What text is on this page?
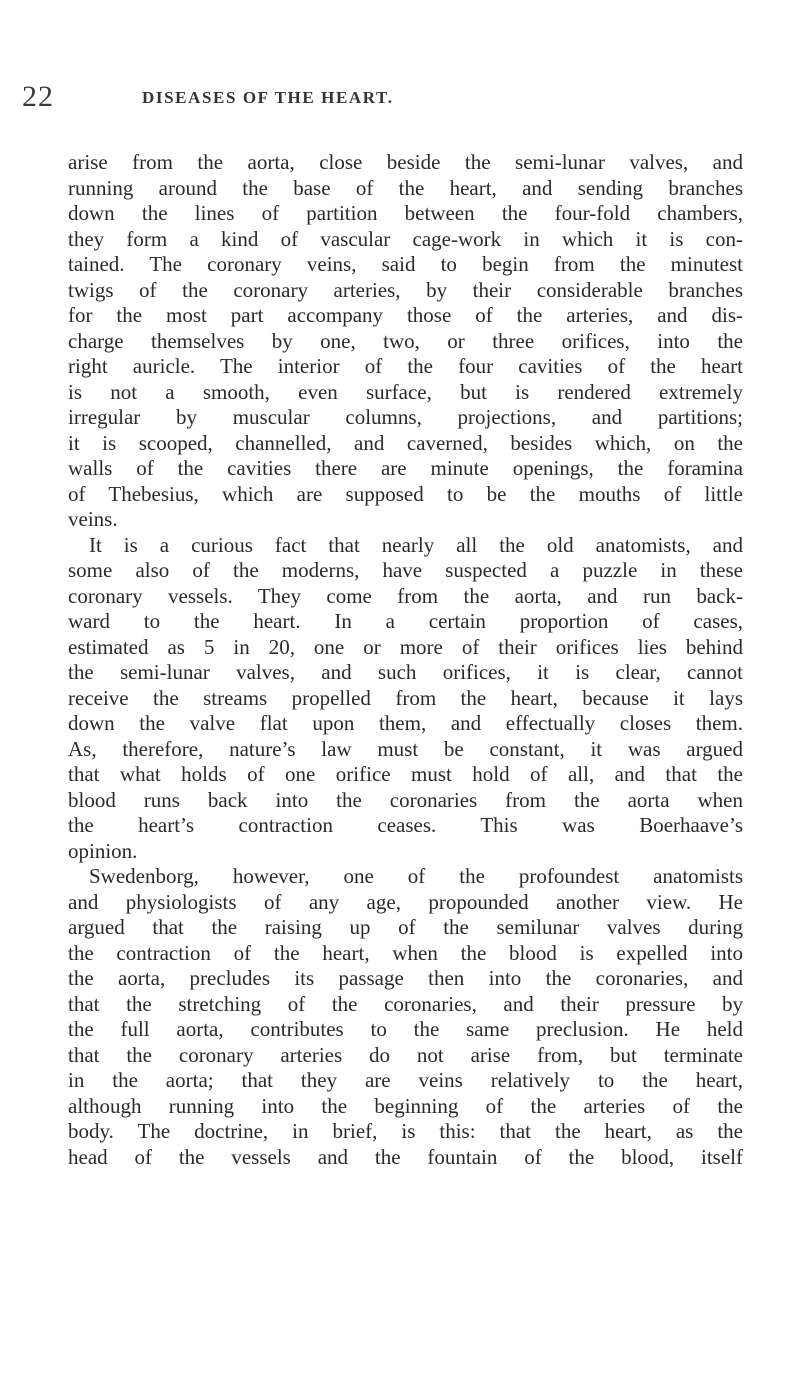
22	DISEASES OF THE HEART.
arise from the aorta, close beside the semi-lunar valves, and
running around the base of the heart, and sending branches
down the lines of partition between the four-fold chambers,
they form a kind of vascular cage-work in which it is con-
tained. The coronary veins, said to begin from the minutest
twigs of the coronary arteries, by their considerable branches
for the most part accompany those of the arteries, and dis-
charge themselves by one, two, or three orifices, into the
right auricle. The interior of the four cavities of the heart
is not a smooth, even surface, but is rendered extremely
irregular by muscular columns, projections, and partitions;
it is scooped, channelled, and caverned, besides which, on the
walls of the cavities there are minute openings, the foramina
of Thebesius, which are supposed to be the mouths of little
veins.
It is a curious fact that nearly all the old anatomists, and
some also of the moderns, have suspected a puzzle in these
coronary vessels. They come from the aorta, and run back-
ward to the heart. In a certain proportion of cases,
estimated as 5 in 20, one or more of their orifices lies behind
the semi-lunar valves, and such orifices, it is clear, cannot
receive the streams propelled from the heart, because it lays
down the valve flat upon them, and effectually closes them.
As, therefore, nature’s law must be constant, it was argued
that what holds of one orifice must hold of all, and that the
blood runs back into the coronaries from the aorta when
the heart’s contraction ceases. This was Boerhaave’s
opinion.
Swedenborg, however, one of the profoundest anatomists
and physiologists of any age, propounded another view. He
argued that the raising up of the semilunar valves during
the contraction of the heart, when the blood is expelled into
the aorta, precludes its passage then into the coronaries, and
that the stretching of the coronaries, and their pressure by
the full aorta, contributes to the same preclusion. He held
that the coronary arteries do not arise from, but terminate
in the aorta; that they are veins relatively to the heart,
although running into the beginning of the arteries of the
body. The doctrine, in brief, is this: that the heart, as the
head of the vessels and the fountain of the blood, itself
